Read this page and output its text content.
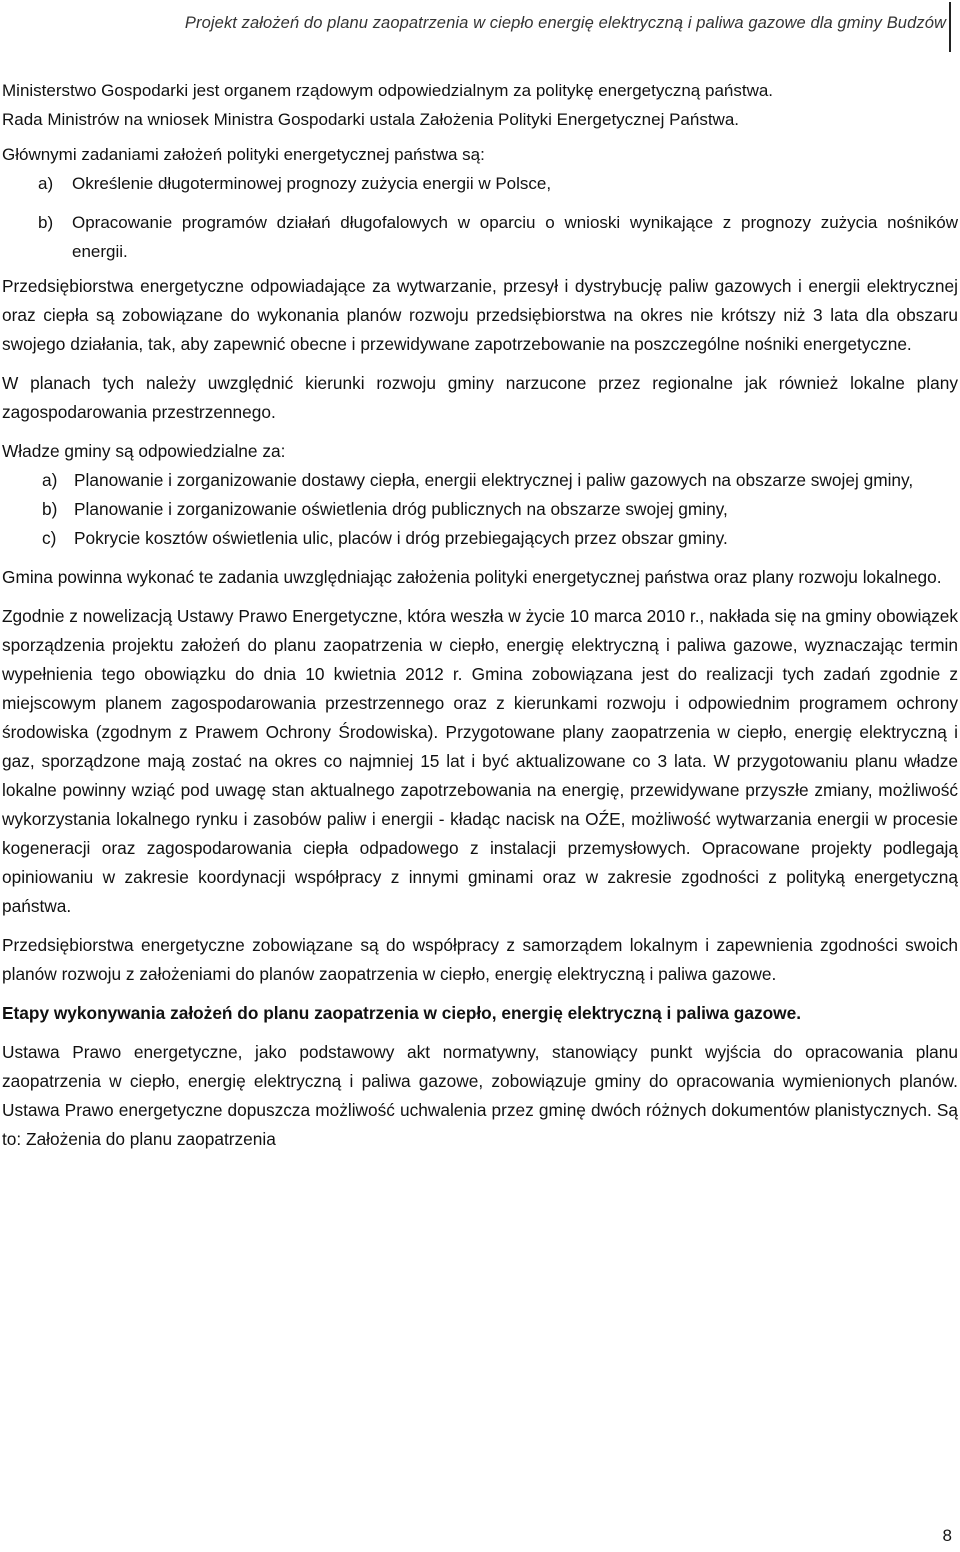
Projekt założeń do planu zaopatrzenia w ciepło energię elektryczną i paliwa gazowe dla gminy Budzów

Ministerstwo Gospodarki jest organem rządowym odpowiedzialnym za politykę energetyczną państwa.

Rada Ministrów na wniosek Ministra Gospodarki ustala Założenia Polityki Energetycznej Państwa.

Głównymi zadaniami założeń polityki energetycznej państwa są:

a) Określenie długoterminowej prognozy zużycia energii w Polsce,
b) Opracowanie programów działań długofalowych w oparciu o wnioski wynikające z prognozy zużycia nośników energii.

Przedsiębiorstwa energetyczne odpowiadające za wytwarzanie, przesył i dystrybucję paliw gazowych i energii elektrycznej oraz ciepła są zobowiązane do wykonania planów rozwoju przedsiębiorstwa na okres nie krótszy niż 3 lata dla obszaru swojego działania, tak, aby zapewnić obecne i przewidywane zapotrzebowanie na poszczególne nośniki energetyczne.

W planach tych należy uwzględnić kierunki rozwoju gminy narzucone przez regionalne jak również lokalne plany zagospodarowania przestrzennego.

Władze gminy są odpowiedzialne za:

a) Planowanie i zorganizowanie dostawy ciepła, energii elektrycznej i paliw gazowych na obszarze swojej gminy,
b) Planowanie i zorganizowanie oświetlenia dróg publicznych na obszarze swojej gminy,
c) Pokrycie kosztów oświetlenia ulic, placów i dróg przebiegających przez obszar gminy.

Gmina powinna wykonać te zadania uwzględniając założenia polityki energetycznej państwa oraz plany rozwoju lokalnego.

Zgodnie z nowelizacją Ustawy Prawo Energetyczne, która weszła w życie 10 marca 2010 r., nakłada się na gminy obowiązek sporządzenia projektu założeń do planu zaopatrzenia w ciepło, energię elektryczną i paliwa gazowe, wyznaczając termin wypełnienia tego obowiązku do dnia 10 kwietnia 2012 r. Gmina zobowiązana jest do realizacji tych zadań zgodnie z miejscowym planem zagospodarowania przestrzennego oraz z kierunkami rozwoju i odpowiednim programem ochrony środowiska (zgodnym z Prawem Ochrony Środowiska). Przygotowane plany zaopatrzenia w ciepło, energię elektryczną i gaz, sporządzone mają zostać na okres co najmniej 15 lat i być aktualizowane co 3 lata. W przygotowaniu planu władze lokalne powinny wziąć pod uwagę stan aktualnego zapotrzebowania na energię, przewidywane przyszłe zmiany, możliwość wykorzystania lokalnego rynku i zasobów paliw i energii - kładąc nacisk na OŹE, możliwość wytwarzania energii w procesie kogeneracji oraz zagospodarowania ciepła odpadowego z instalacji przemysłowych. Opracowane projekty podlegają opiniowaniu w zakresie koordynacji współpracy z innymi gminami oraz w zakresie zgodności z polityką energetyczną państwa.

Przedsiębiorstwa energetyczne zobowiązane są do współpracy z samorządem lokalnym i zapewnienia zgodności swoich planów rozwoju z założeniami do planów zaopatrzenia w ciepło, energię elektryczną i paliwa gazowe.

Etapy wykonywania założeń do planu zaopatrzenia w ciepło, energię elektryczną i paliwa gazowe.

Ustawa Prawo energetyczne, jako podstawowy akt normatywny, stanowiący punkt wyjścia do opracowania planu zaopatrzenia w ciepło, energię elektryczną i paliwa gazowe, zobowiązuje gminy do opracowania wymienionych planów. Ustawa Prawo energetyczne dopuszcza możliwość uchwalenia przez gminę dwóch różnych dokumentów planistycznych. Są to: Założenia do planu zaopatrzenia

8
